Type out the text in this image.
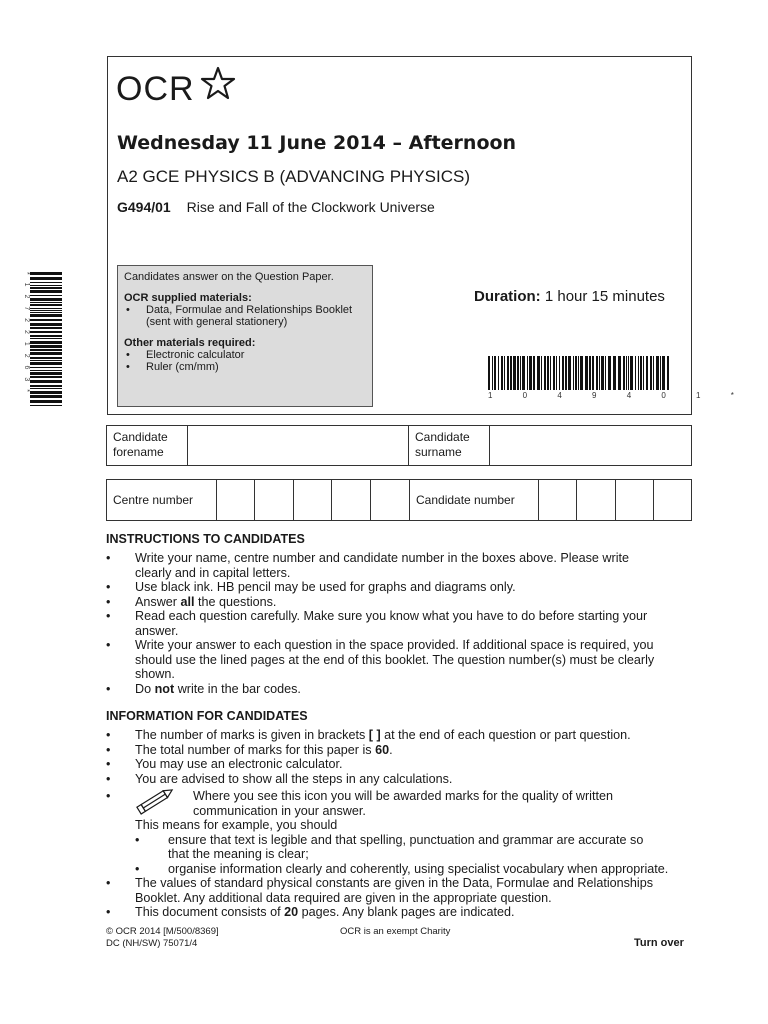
OCR
Wednesday 11 June 2014 – Afternoon
A2 GCE PHYSICS B (ADVANCING PHYSICS)
G494/01 Rise and Fall of the Clockwork Universe
Candidates answer on the Question Paper.
OCR supplied materials:
• Data, Formulae and Relationships Booklet
(sent with general stationery)
Other materials required:
• Electronic calculator
• Ruler (cm/mm)
Duration: 1 hour 15 minutes
1 0 4 9 4 0 1 *
* 1 2 7 2 2 1 2 6 3 *
Candidate
forename
Candidate
surname
Centre number	Candidate number
INSTRUCTIONS TO CANDIDATES
• Write your name, centre number and candidate number in the boxes above. Please write
clearly and in capital letters.
• Use black ink. HB pencil may be used for graphs and diagrams only.
• Answer all the questions.
• Read each question carefully. Make sure you know what you have to do before starting your
answer.
• Write your answer to each question in the space provided. If additional space is required, you
should use the lined pages at the end of this booklet. The question number(s) must be clearly
shown.
• Do not write in the bar codes.
INFORMATION FOR CANDIDATES
• The number of marks is given in brackets [ ] at the end of each question or part question.
• The total number of marks for this paper is 60.
• You may use an electronic calculator.
• You are advised to show all the steps in any calculations.
•	Where you see this icon you will be awarded marks for the quality of written
communication in your answer.
This means for example, you should
• ensure that text is legible and that spelling, punctuation and grammar are accurate so
that the meaning is clear;
• organise information clearly and coherently, using specialist vocabulary when appropriate.
• The values of standard physical constants are given in the Data, Formulae and Relationships
Booklet. Any additional data required are given in the appropriate question.
• This document consists of 20 pages. Any blank pages are indicated.
© OCR 2014 [M/500/8369]
DC (NH/SW) 75071/4
OCR is an exempt Charity
Turn over
